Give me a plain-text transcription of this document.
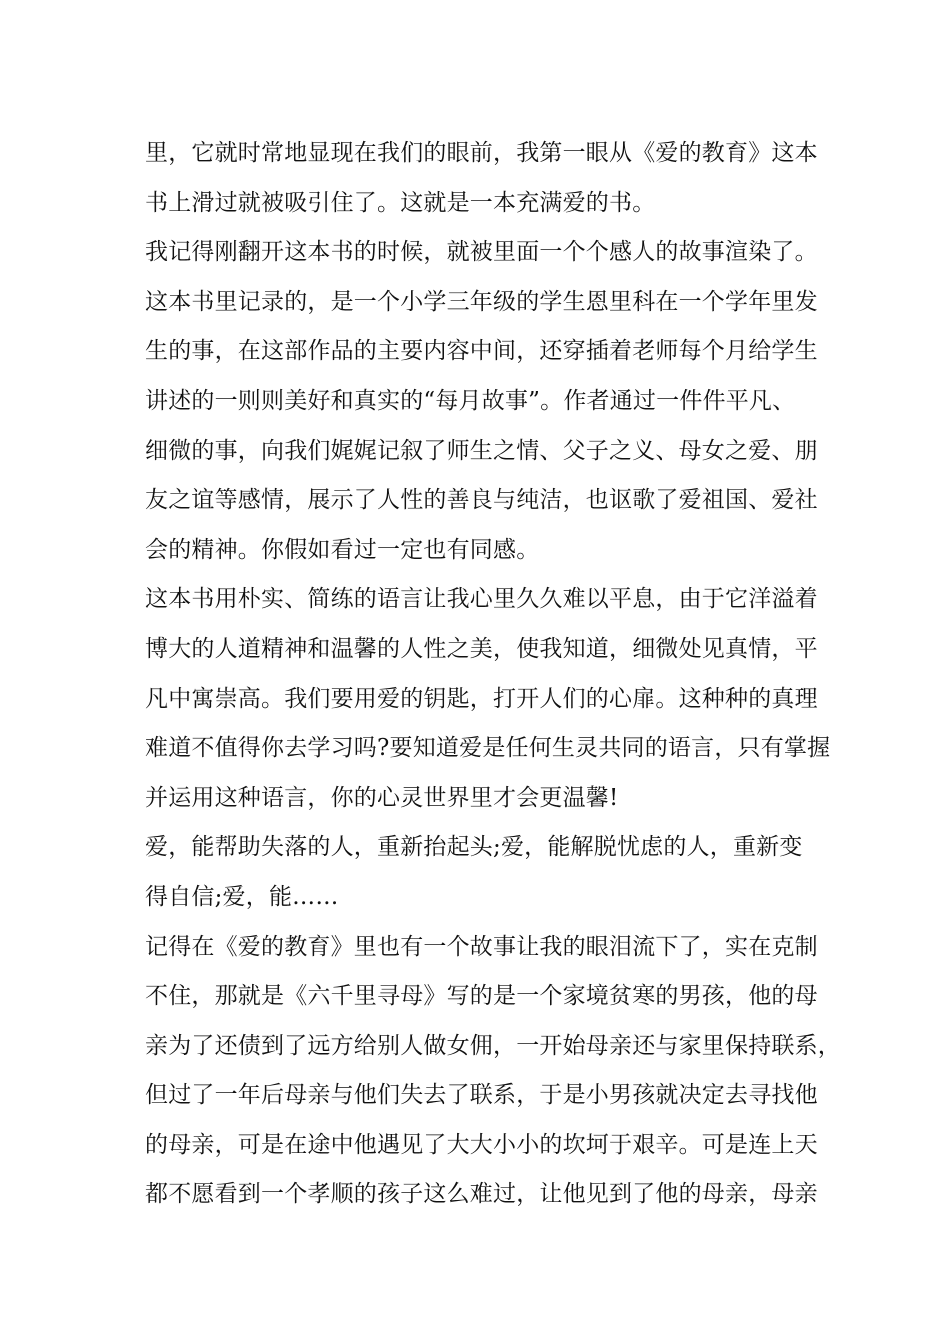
里，它就时常地显现在我们的眼前，我第一眼从《爱的教育》这本
书上滑过就被吸引住了。这就是一本充满爱的书。
我记得刚翻开这本书的时候，就被里面一个个感人的故事渲染了。
这本书里记录的，是一个小学三年级的学生恩里科在一个学年里发
生的事，在这部作品的主要内容中间，还穿插着老师每个月给学生
讲述的一则则美好和真实的“每月故事”。作者通过一件件平凡、
细微的事，向我们娓娓记叙了师生之情、父子之义、母女之爱、朋
友之谊等感情，展示了人性的善良与纯洁，也讴歌了爱祖国、爱社
会的精神。你假如看过一定也有同感。
这本书用朴实、简练的语言让我心里久久难以平息，由于它洋溢着
博大的人道精神和温馨的人性之美，使我知道，细微处见真情，平
凡中寓崇高。我们要用爱的钥匙，打开人们的心扉。这种种的真理
难道不值得你去学习吗?要知道爱是任何生灵共同的语言，只有掌握
并运用这种语言，你的心灵世界里才会更温馨!
爱，能帮助失落的人，重新抬起头;爱，能解脱忧虑的人，重新变
得自信;爱，能……
记得在《爱的教育》里也有一个故事让我的眼泪流下了，实在克制
不住，那就是《六千里寻母》写的是一个家境贫寒的男孩，他的母
亲为了还债到了远方给别人做女佣，一开始母亲还与家里保持联系，
但过了一年后母亲与他们失去了联系，于是小男孩就决定去寻找他
的母亲，可是在途中他遇见了大大小小的坎坷于艰辛。可是连上天
都不愿看到一个孝顺的孩子这么难过，让他见到了他的母亲，母亲
